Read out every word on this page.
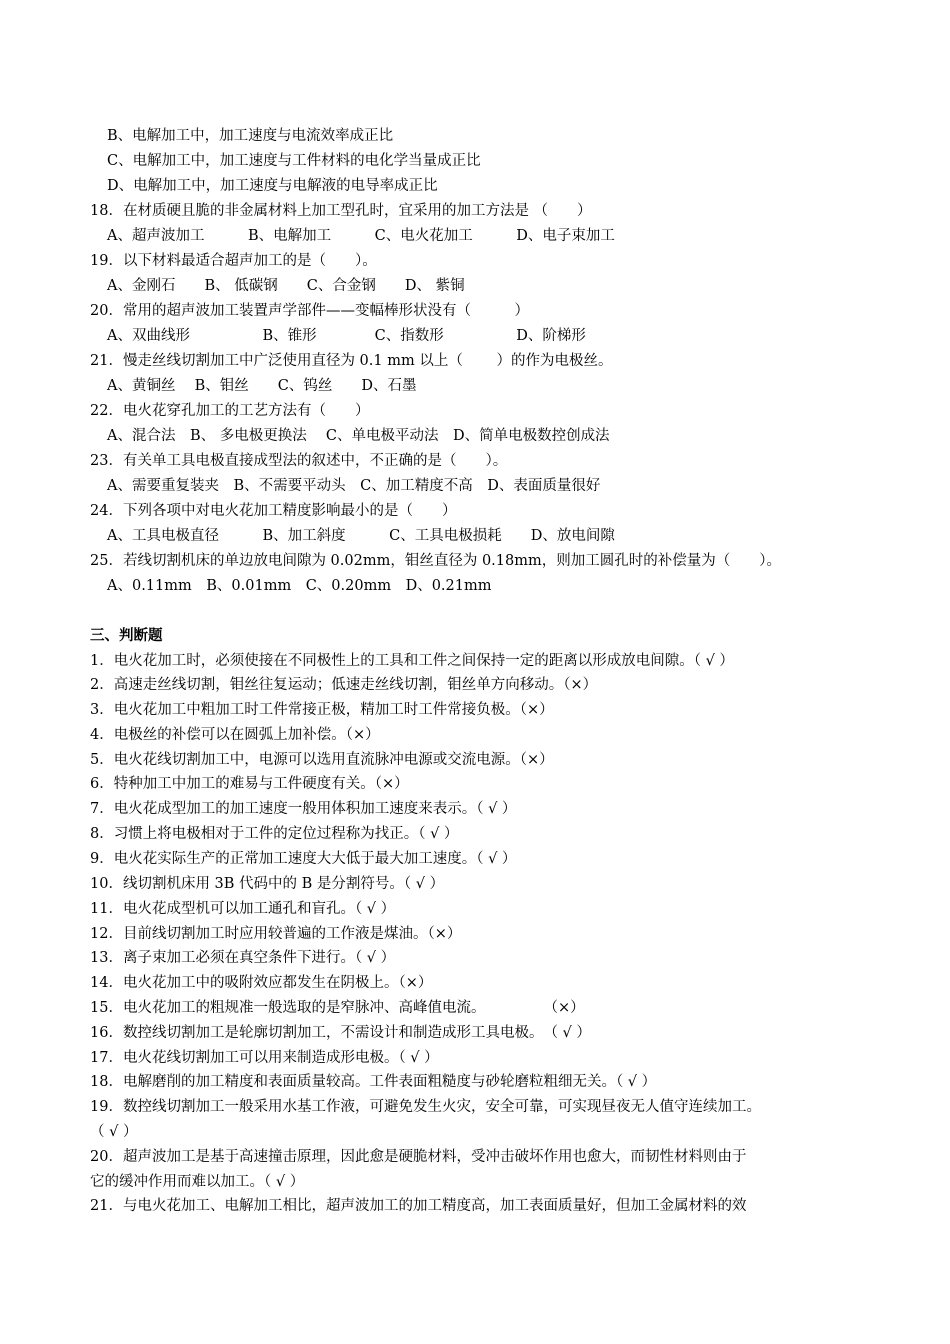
B、电解加工中，加工速度与电流效率成正比
C、电解加工中，加工速度与工件材料的电化学当量成正比
D、电解加工中，加工速度与电解液的电导率成正比
18．在材质硬且脆的非金属材料上加工型孔时，宜采用的加工方法是 （　　）
A、超声波加工　　　B、电解加工　　　C、电火花加工　　　D、电子束加工
19．以下材料最适合超声加工的是（　　）。
A、金刚石　　B、 低碳钢　　C、合金钢　　D、 紫铜
20．常用的超声波加工装置声学部件——变幅棒形状没有（　　　）
A、双曲线形　　　　　B、锥形　　　　C、指数形　　　　　D、阶梯形
21．慢走丝线切割加工中广泛使用直径为 0.1 mm 以上（　　 ）的作为电极丝。
A、黄铜丝　 B、钼丝　　C、钨丝　　D、石墨
22．电火花穿孔加工的工艺方法有（　　）
A、混合法　B、 多电极更换法　 C、单电极平动法　D、简单电极数控创成法
23．有关单工具电极直接成型法的叙述中，不正确的是（　　）。
A、需要重复装夹　B、不需要平动头　C、加工精度不高　D、表面质量很好
24．下列各项中对电火花加工精度影响最小的是（　　）
A、工具电极直径　　　B、加工斜度　　　C、工具电极损耗　　D、放电间隙
25．若线切割机床的单边放电间隙为 0.02mm，钼丝直径为 0.18mm，则加工圆孔时的补偿量为（　　）。
A、0.11mm　B、0.01mm　C、0.20mm　D、0.21mm
三、判断题
1．电火花加工时，必须使接在不同极性上的工具和工件之间保持一定的距离以形成放电间隙。（ √ ）
2．高速走丝线切割，钼丝往复运动；低速走丝线切割，钼丝单方向移动。（×）
3．电火花加工中粗加工时工件常接正极，精加工时工件常接负极。（×）
4．电极丝的补偿可以在圆弧上加补偿。（×）
5．电火花线切割加工中，电源可以选用直流脉冲电源或交流电源。（×）
6．特种加工中加工的难易与工件硬度有关。（×）
7．电火花成型加工的加工速度一般用体积加工速度来表示。（ √ ）
8．习惯上将电极相对于工件的定位过程称为找正。（ √ ）
9．电火花实际生产的正常加工速度大大低于最大加工速度。（ √ ）
10．线切割机床用 3B 代码中的 B 是分割符号。（ √ ）
11．电火花成型机可以加工通孔和盲孔。（ √ ）
12．目前线切割加工时应用较普遍的工作液是煤油。（×）
13．离子束加工必须在真空条件下进行。（ √ ）
14．电火花加工中的吸附效应都发生在阴极上。（×）
15．电火花加工的粗规准一般选取的是窄脉冲、高峰值电流。　　　　　（×）
16．数控线切割加工是轮廓切割加工，不需设计和制造成形工具电极。　（ √ ）
17．电火花线切割加工可以用来制造成形电极。（ √ ）
18．电解磨削的加工精度和表面质量较高。工件表面粗糙度与砂轮磨粒粗细无关。（ √ ）
19．数控线切割加工一般采用水基工作液，可避免发生火灾，安全可靠，可实现昼夜无人值守连续加工。
（ √ ）
20．超声波加工是基于高速撞击原理，因此愈是硬脆材料，受冲击破坏作用也愈大，而韧性材料则由于
它的缓冲作用而难以加工。（ √ ）
21．与电火花加工、电解加工相比，超声波加工的加工精度高，加工表面质量好，但加工金属材料的效
